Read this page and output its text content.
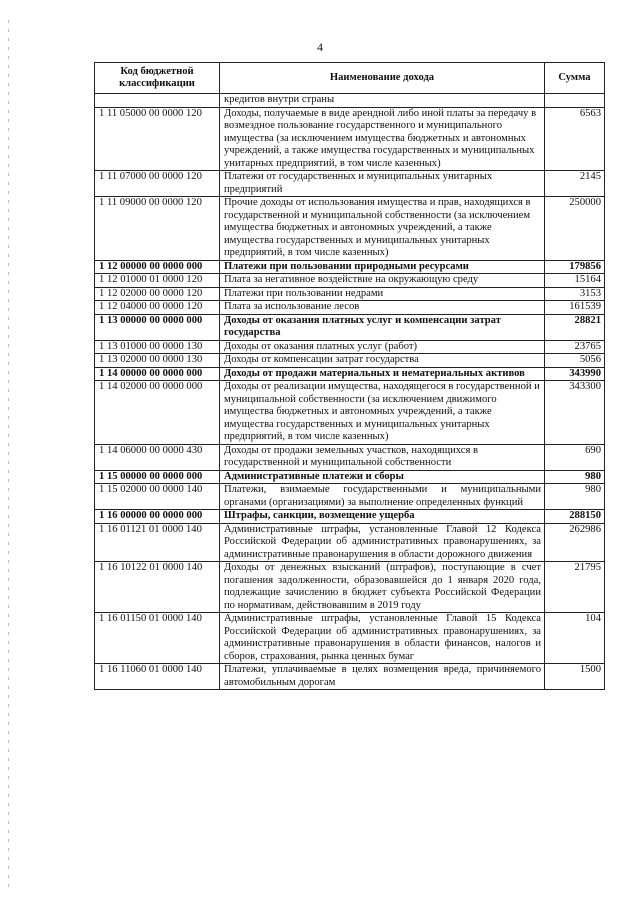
4
Код бюджетной классификации	Наименование дохода	Сумма
	кредитов внутри страны	
1 11 05000 00 0000 120	Доходы, получаемые в виде арендной либо иной платы за передачу в возмездное пользование государственного и муниципального имущества (за исключением имущества бюджетных и автономных учреждений, а также имущества государственных и муниципальных унитарных предприятий, в том числе казенных)	6563
1 11 07000 00 0000 120	Платежи от государственных и муниципальных унитарных предприятий	2145
1 11 09000 00 0000 120	Прочие доходы от использования имущества и прав, находящихся в государственной и муниципальной собственности (за исключением имущества бюджетных и автономных учреждений, а также имущества государственных и муниципальных унитарных предприятий, в том числе казенных)	250000
1 12 00000 00 0000 000	Платежи при пользовании природными ресурсами	179856
1 12 01000 01 0000 120	Плата за негативное воздействие на окружающую среду	15164
1 12 02000 00 0000 120	Платежи при пользовании недрами	3153
1 12 04000 00 0000 120	Плата за использование лесов	161539
1 13 00000 00 0000 000	Доходы от оказания платных услуг и компенсации затрат государства	28821
1 13 01000 00 0000 130	Доходы от оказания платных услуг (работ)	23765
1 13 02000 00 0000 130	Доходы от компенсации затрат государства	5056
1 14 00000 00 0000 000	Доходы от продажи материальных и нематериальных активов	343990
1 14 02000 00 0000 000	Доходы от реализации имущества, находящегося в государственной и муниципальной собственности (за исключением движимого имущества бюджетных и автономных учреждений, а также имущества государственных и муниципальных унитарных предприятий, в том числе казенных)	343300
1 14 06000 00 0000 430	Доходы от продажи земельных участков, находящихся в государственной и муниципальной собственности	690
1 15 00000 00 0000 000	Административные платежи и сборы	980
1 15 02000 00 0000 140	Платежи, взимаемые государственными и муниципальными органами (организациями) за выполнение определенных функций	980
1 16 00000 00 0000 000	Штрафы, санкции, возмещение ущерба	288150
1 16 01121 01 0000 140	Административные штрафы, установленные Главой 12 Кодекса Российской Федерации об административных правонарушениях, за административные правонарушения в области дорожного движения	262986
1 16 10122 01 0000 140	Доходы от денежных взысканий (штрафов), поступающие в счет погашения задолженности, образовавшейся до 1 января 2020 года, подлежащие зачислению в бюджет субъекта Российской Федерации по нормативам, действовавшим в 2019 году	21795
1 16 01150 01 0000 140	Административные штрафы, установленные Главой 15 Кодекса Российской Федерации об административных правонарушениях, за административные правонарушения в области финансов, налогов и сборов, страхования, рынка ценных бумаг	104
1 16 11060 01 0000 140	Платежи, уплачиваемые в целях возмещения вреда, причиняемого автомобильным дорогам	1500
